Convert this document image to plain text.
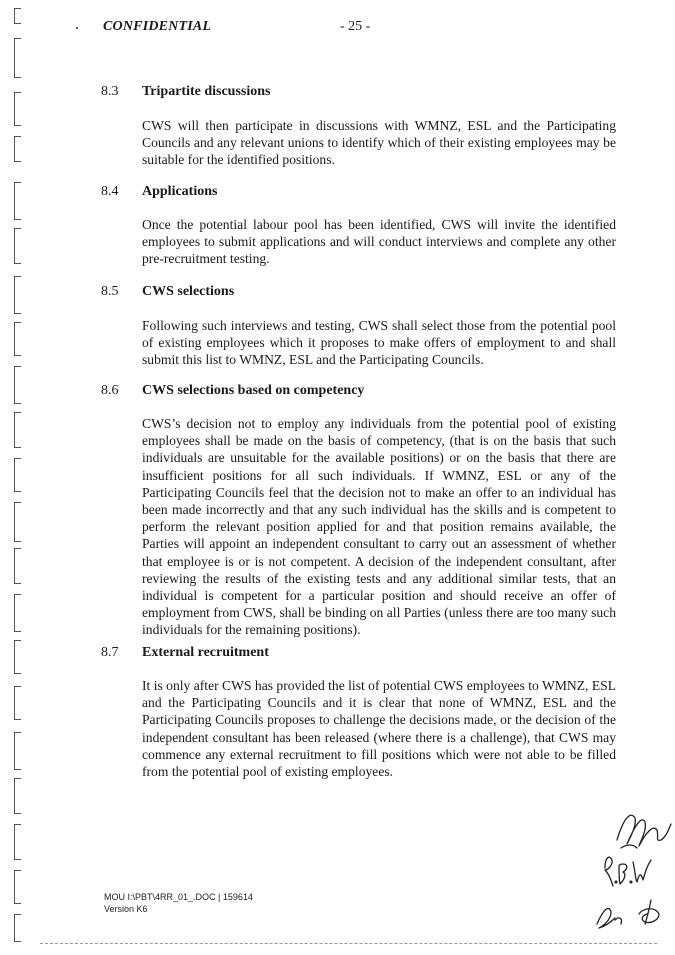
CONFIDENTIAL	- 25 -
8.3 Tripartite discussions
CWS will then participate in discussions with WMNZ, ESL and the Participating Councils and any relevant unions to identify which of their existing employees may be suitable for the identified positions.
8.4 Applications
Once the potential labour pool has been identified, CWS will invite the identified employees to submit applications and will conduct interviews and complete any other pre-recruitment testing.
8.5 CWS selections
Following such interviews and testing, CWS shall select those from the potential pool of existing employees which it proposes to make offers of employment to and shall submit this list to WMNZ, ESL and the Participating Councils.
8.6 CWS selections based on competency
CWS’s decision not to employ any individuals from the potential pool of existing employees shall be made on the basis of competency, (that is on the basis that such individuals are unsuitable for the available positions) or on the basis that there are insufficient positions for all such individuals. If WMNZ, ESL or any of the Participating Councils feel that the decision not to make an offer to an individual has been made incorrectly and that any such individual has the skills and is competent to perform the relevant position applied for and that position remains available, the Parties will appoint an independent consultant to carry out an assessment of whether that employee is or is not competent. A decision of the independent consultant, after reviewing the results of the existing tests and any additional similar tests, that an individual is competent for a particular position and should receive an offer of employment from CWS, shall be binding on all Parties (unless there are too many such individuals for the remaining positions).
8.7 External recruitment
It is only after CWS has provided the list of potential CWS employees to WMNZ, ESL and the Participating Councils and it is clear that none of WMNZ, ESL and the Participating Councils proposes to challenge the decisions made, or the decision of the independent consultant has been released (where there is a challenge), that CWS may commence any external recruitment to fill positions which were not able to be filled from the potential pool of existing employees.
MOU I:\PBT\4RR_01_.DOC | 159614
Version K6
